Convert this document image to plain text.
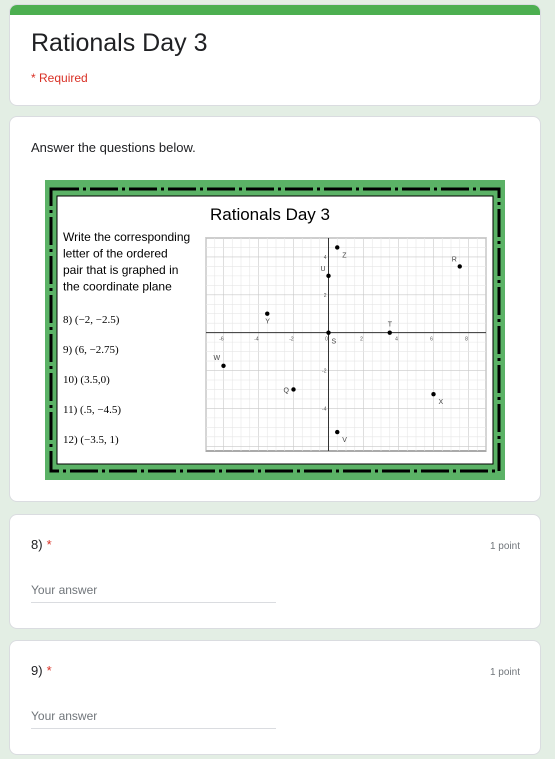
Rationals Day 3
* Required
Answer the questions below.
Rationals Day 3
Write the corresponding
letter of the ordered
pair that is graphed in
the coordinate plane
8) (−2, −2.5)
9) (6, −2.75)
10) (3.5,0)
11) (.5, −4.5)
12) (−3.5, 1)
-6	-4	-2	0	2	4	6	8
4
2
-2
-4
Z
U
R
Y
S
T
W
Q
X
V
8) *	1 point
Your answer
9) *	1 point
Your answer
